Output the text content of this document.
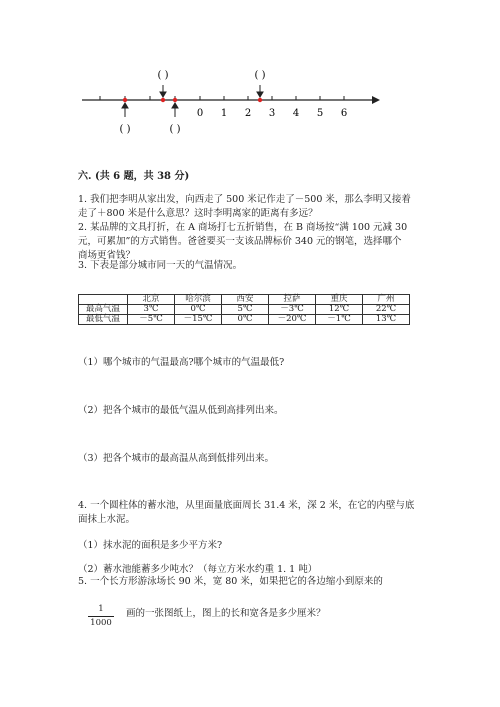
0 1 2 3 4 5 6
( )	( )
( )	( )
六. (共 6 题，共 38 分)
1. 我们把李明从家出发，向西走了 500 米记作走了－500 米，那么李明又接着
走了＋800 米是什么意思？这时李明离家的距离有多远？
2. 某品牌的文具打折，在 A 商场打七五折销售，在 B 商场按“满 100 元减 30
元，可累加”的方式销售。爸爸要买一支该品牌标价 340 元的钢笔，选择哪个
商场更省钱？
3. 下表是部分城市同一天的气温情况。
	北京	哈尔滨	西安	拉萨	重庆	广州
最高气温	3℃	0℃	5℃	－3℃	12℃	22℃
最低气温	－5℃	－15℃	0℃	－20℃	－1℃	13℃
（1）哪个城市的气温最高?哪个城市的气温最低?
（2）把各个城市的最低气温从低到高排列出来。
（3）把各个城市的最高温从高到低排列出来。
4. 一个圆柱体的蓄水池，从里面量底面周长 31.4 米，深 2 米，在它的内壁与底
面抹上水泥。
（1）抹水泥的面积是多少平方米?
（2）蓄水池能蓄多少吨水？（每立方米水约重 1. 1 吨）
5. 一个长方形游泳场长 90 米，宽 80 米，如果把它的各边缩小到原来的
1
1000
画的一张图纸上，图上的长和宽各是多少厘米？
